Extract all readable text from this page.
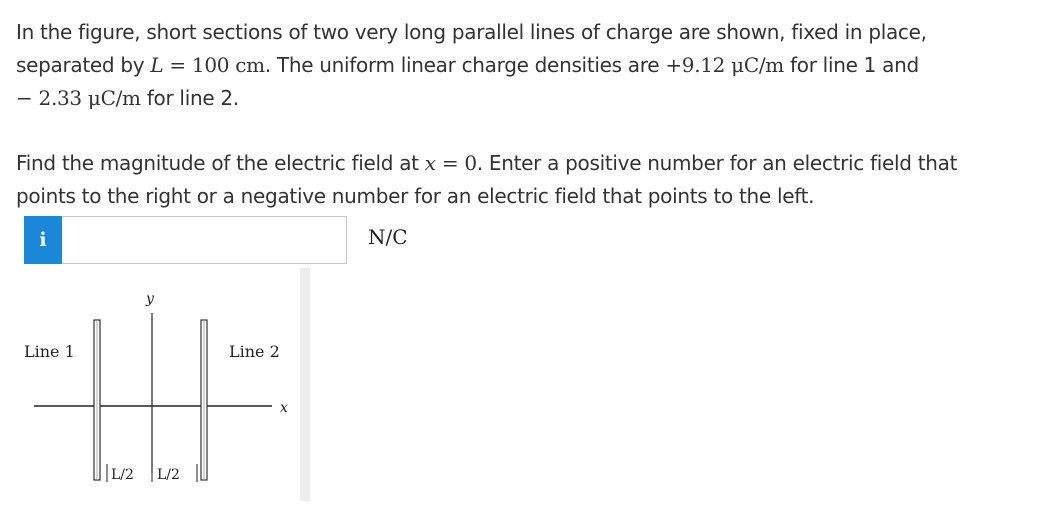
In the figure, short sections of two very long parallel lines of charge are shown, fixed in place,
separated by L = 100 cm. The uniform linear charge densities are +9.12 μC/m for line 1 and
− 2.33 μC/m for line 2.
Find the magnitude of the electric field at x = 0. Enter a positive number for an electric field that
points to the right or a negative number for an electric field that points to the left.
i	N/C
Line 1	Line 2
y
x
L/2 L/2
